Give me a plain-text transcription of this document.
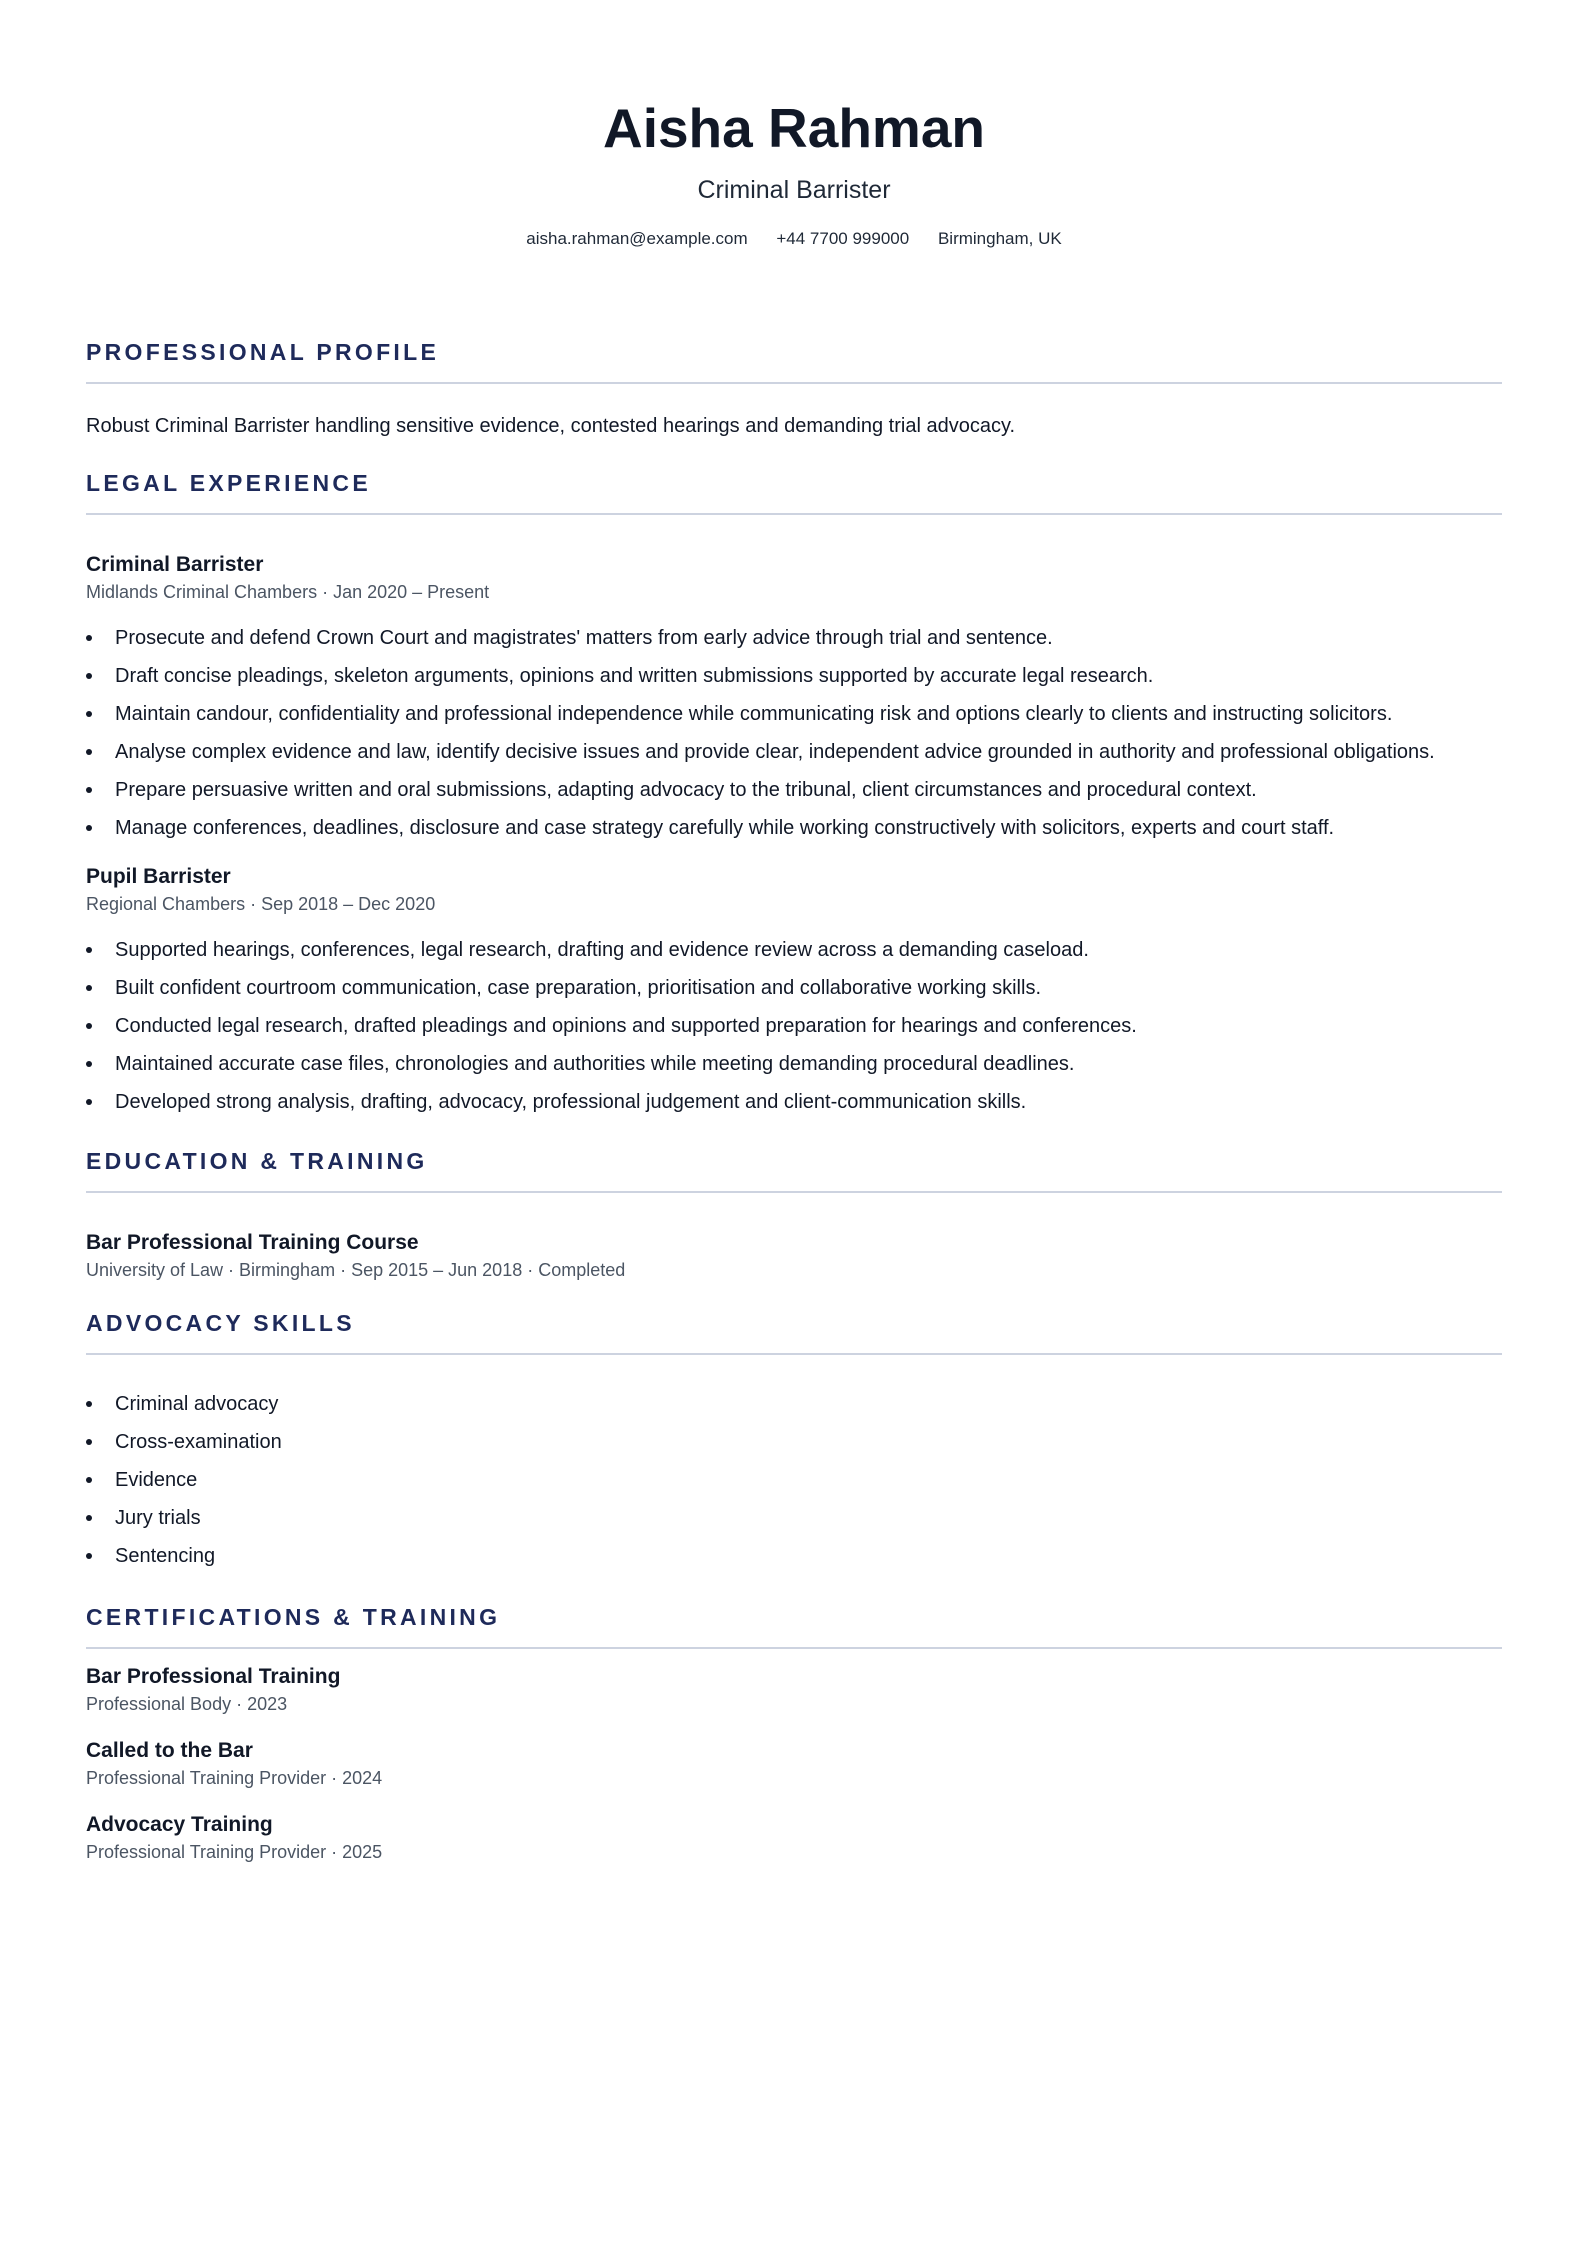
Aisha Rahman
Criminal Barrister
aisha.rahman@example.com +44 7700 999000 Birmingham, UK
PROFESSIONAL PROFILE
Robust Criminal Barrister handling sensitive evidence, contested hearings and demanding trial advocacy.
LEGAL EXPERIENCE
Criminal Barrister
Midlands Criminal Chambers · Jan 2020 – Present
Prosecute and defend Crown Court and magistrates' matters from early advice through trial and sentence.
Draft concise pleadings, skeleton arguments, opinions and written submissions supported by accurate legal research.
Maintain candour, confidentiality and professional independence while communicating risk and options clearly to clients and instructing solicitors.
Analyse complex evidence and law, identify decisive issues and provide clear, independent advice grounded in authority and professional obligations.
Prepare persuasive written and oral submissions, adapting advocacy to the tribunal, client circumstances and procedural context.
Manage conferences, deadlines, disclosure and case strategy carefully while working constructively with solicitors, experts and court staff.
Pupil Barrister
Regional Chambers · Sep 2018 – Dec 2020
Supported hearings, conferences, legal research, drafting and evidence review across a demanding caseload.
Built confident courtroom communication, case preparation, prioritisation and collaborative working skills.
Conducted legal research, drafted pleadings and opinions and supported preparation for hearings and conferences.
Maintained accurate case files, chronologies and authorities while meeting demanding procedural deadlines.
Developed strong analysis, drafting, advocacy, professional judgement and client-communication skills.
EDUCATION & TRAINING
Bar Professional Training Course
University of Law · Birmingham · Sep 2015 – Jun 2018 · Completed
ADVOCACY SKILLS
Criminal advocacy
Cross-examination
Evidence
Jury trials
Sentencing
CERTIFICATIONS & TRAINING
Bar Professional Training
Professional Body · 2023
Called to the Bar
Professional Training Provider · 2024
Advocacy Training
Professional Training Provider · 2025
